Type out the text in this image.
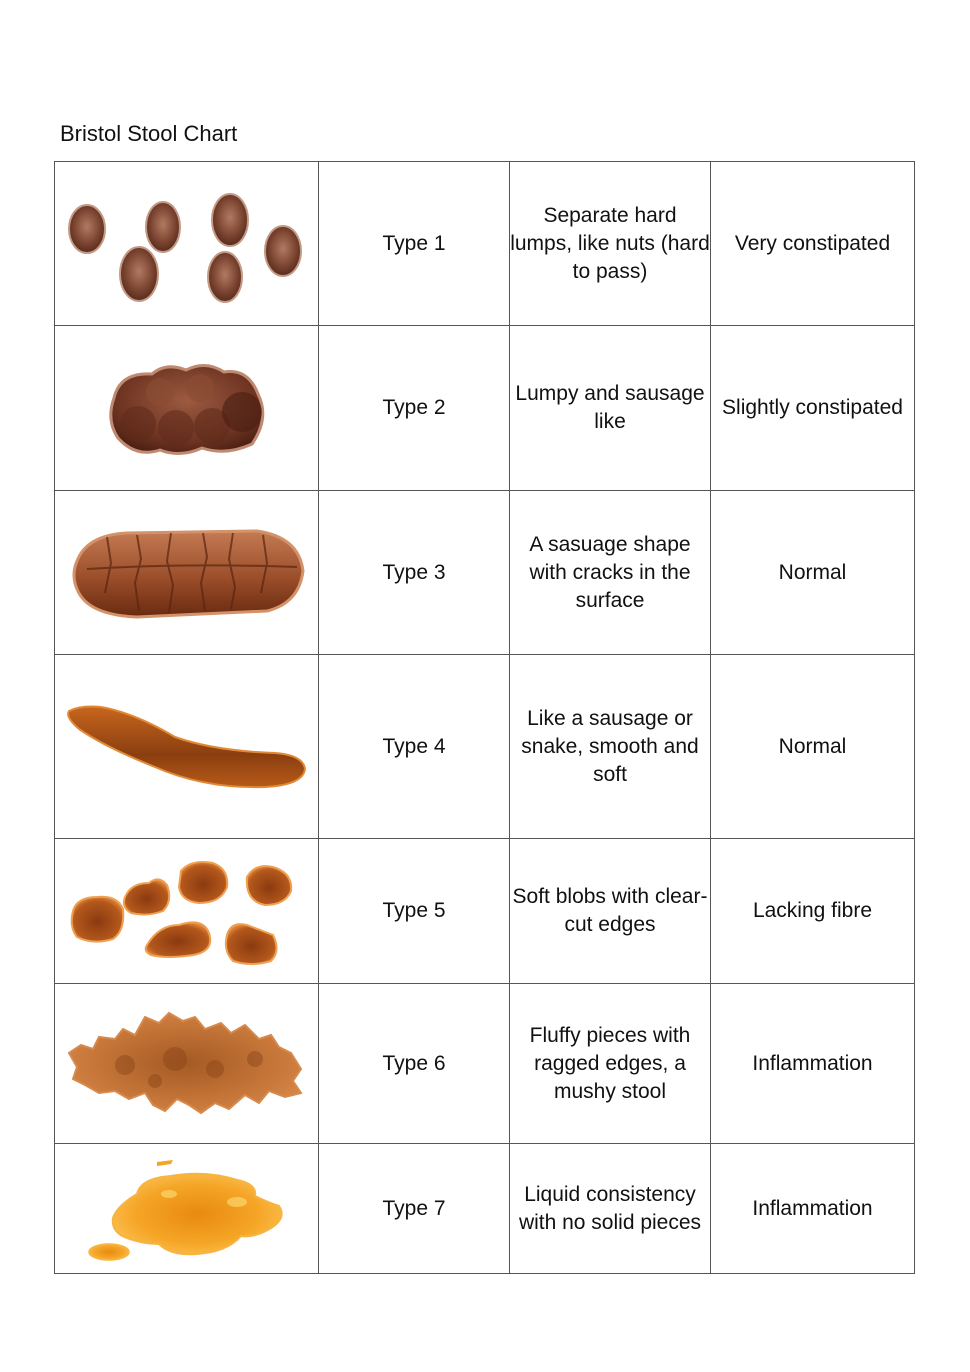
Bristol Stool Chart
	Type 1	Separate hard lumps, like nuts (hard to pass)	Very constipated

	Type 2	Lumpy and sausage like	Slightly constipated

	Type 3	A sasuage shape with cracks in the surface	Normal

	Type 4	Like a sausage or snake, smooth and soft	Normal

	Type 5	Soft blobs with clear-cut edges	Lacking fibre

	Type 6	Fluffy pieces with ragged edges, a mushy stool	Inflammation

	Type 7	Liquid consistency with no solid pieces	Inflammation
